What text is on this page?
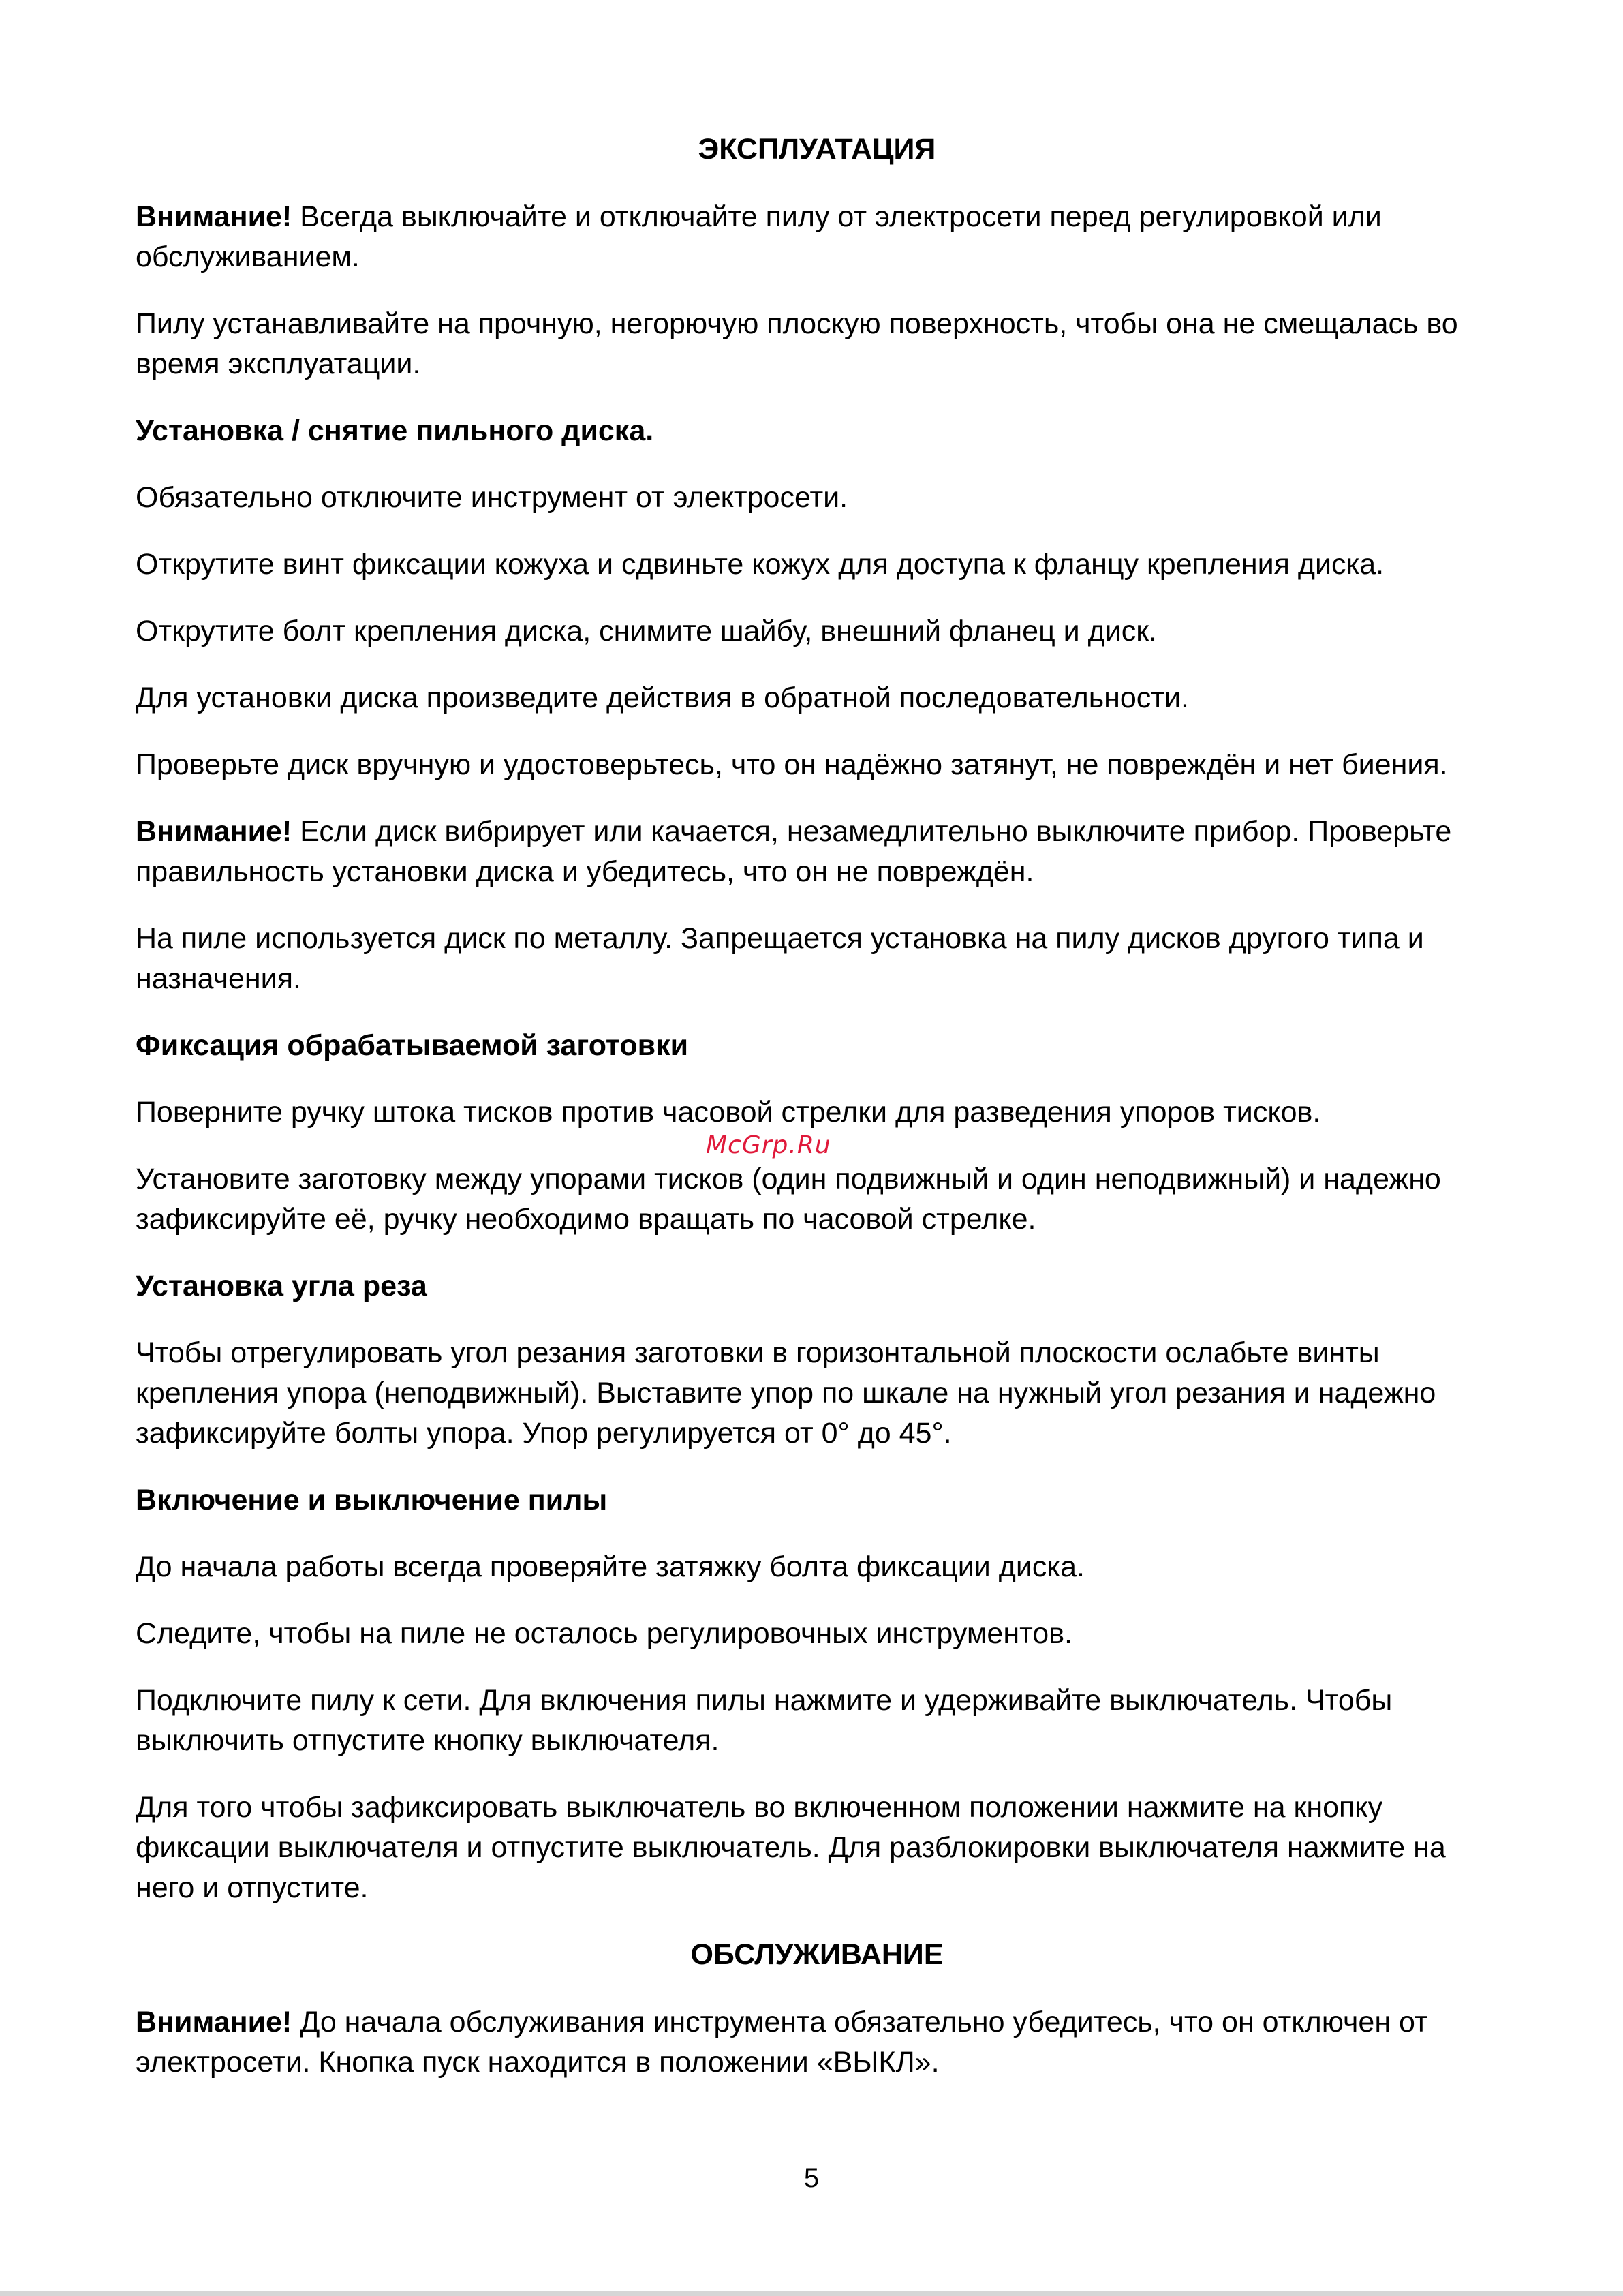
ЭКСПЛУАТАЦИЯ
Внимание! Всегда выключайте и отключайте пилу от электросети перед регулировкой или обслуживанием.
Пилу устанавливайте на прочную, негорючую плоскую поверхность, чтобы она не смещалась во время эксплуатации.
Установка / снятие пильного диска.
Обязательно отключите инструмент от электросети.
Открутите винт фиксации кожуха и сдвиньте кожух для доступа к фланцу крепления диска.
Открутите болт крепления диска, снимите шайбу, внешний фланец и диск.
Для установки диска произведите действия в обратной последовательности.
Проверьте диск вручную и удостоверьтесь, что он надёжно затянут, не повреждён и нет биения.
Внимание! Если диск вибрирует или качается, незамедлительно выключите прибор. Проверьте правильность установки диска и убедитесь, что он не повреждён.
На пиле используется диск по металлу. Запрещается установка на пилу дисков другого типа и назначения.
Фиксация обрабатываемой заготовки
Поверните ручку штока тисков против часовой стрелки для разведения упоров тисков.
Установите заготовку между упорами тисков (один подвижный и один неподвижный) и надежно зафиксируйте её, ручку необходимо вращать по часовой стрелке.
Установка угла реза
Чтобы отрегулировать угол резания заготовки в горизонтальной плоскости ослабьте винты крепления упора (неподвижный). Выставите упор по шкале на нужный угол резания и надежно зафиксируйте болты упора. Упор регулируется от 0° до 45°.
Включение и выключение пилы
До начала работы всегда проверяйте затяжку болта фиксации диска.
Следите, чтобы на пиле не осталось регулировочных инструментов.
Подключите пилу к сети. Для включения пилы нажмите и удерживайте выключатель. Чтобы выключить отпустите кнопку выключателя.
Для того чтобы зафиксировать выключатель во включенном положении нажмите на кнопку фиксации выключателя и отпустите выключатель. Для разблокировки выключателя нажмите на него и отпустите.
ОБСЛУЖИВАНИЕ
Внимание! До начала обслуживания инструмента обязательно убедитесь, что он отключен от электросети. Кнопка пуск находится в положении «ВЫКЛ».
McGrp.Ru
5
